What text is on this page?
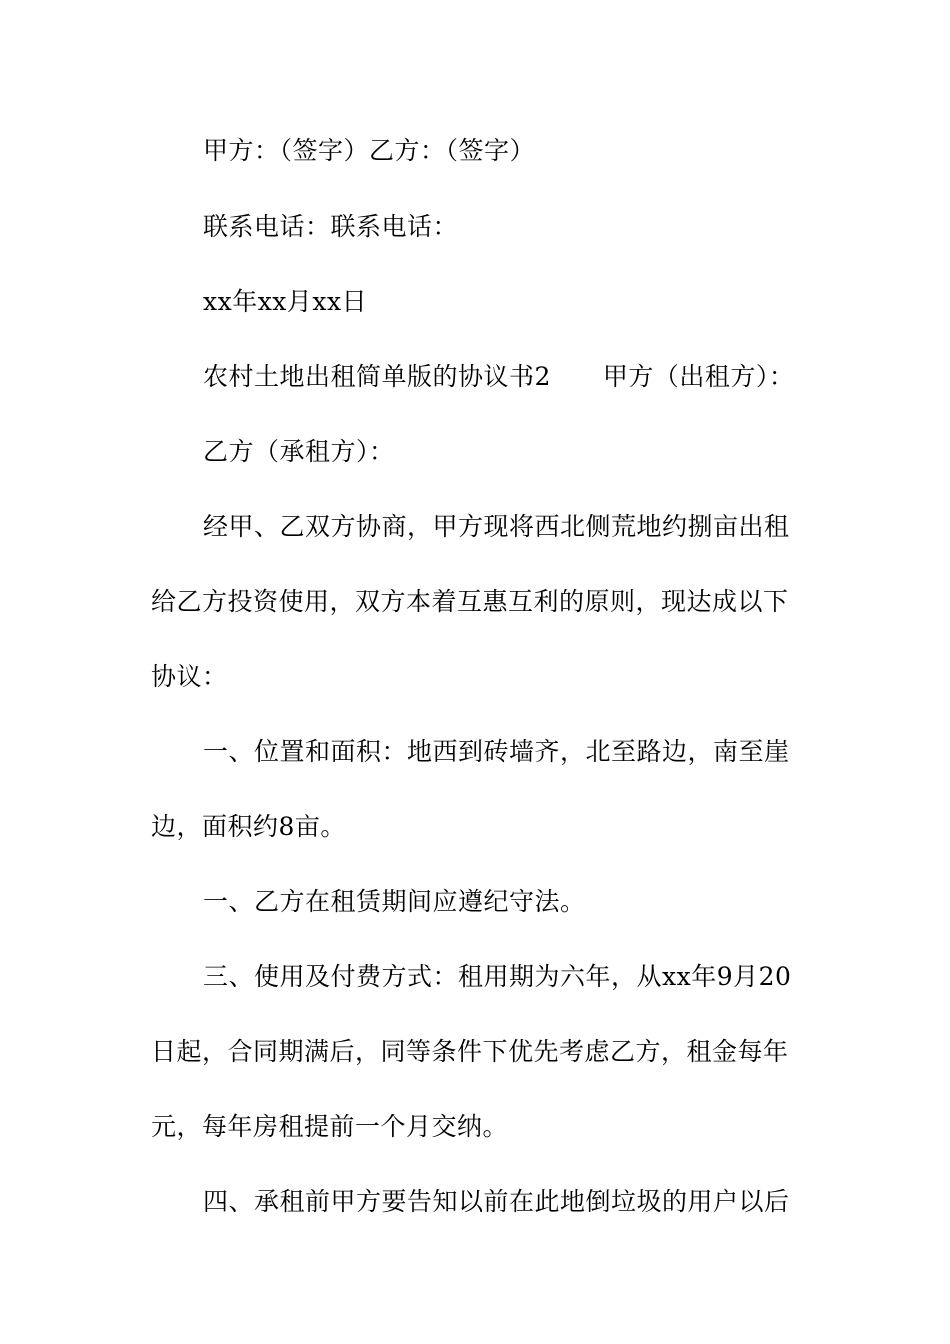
甲方：（签字）乙方：（签字）
联系电话：联系电话：
xx年xx月xx日
农村土地出租简单版的协议书2 甲方（出租方）：
乙方（承租方）：
经甲、乙双方协商，甲方现将西北侧荒地约捌亩出租
给乙方投资使用，双方本着互惠互利的原则，现达成以下
协议：
一、位置和面积：地西到砖墙齐，北至路边，南至崖
边，面积约8亩。
一、乙方在租赁期间应遵纪守法。
三、使用及付费方式：租用期为六年，从xx年9月20
日起，合同期满后，同等条件下优先考虑乙方，租金每年
元，每年房租提前一个月交纳。
四、承租前甲方要告知以前在此地倒垃圾的用户以后
